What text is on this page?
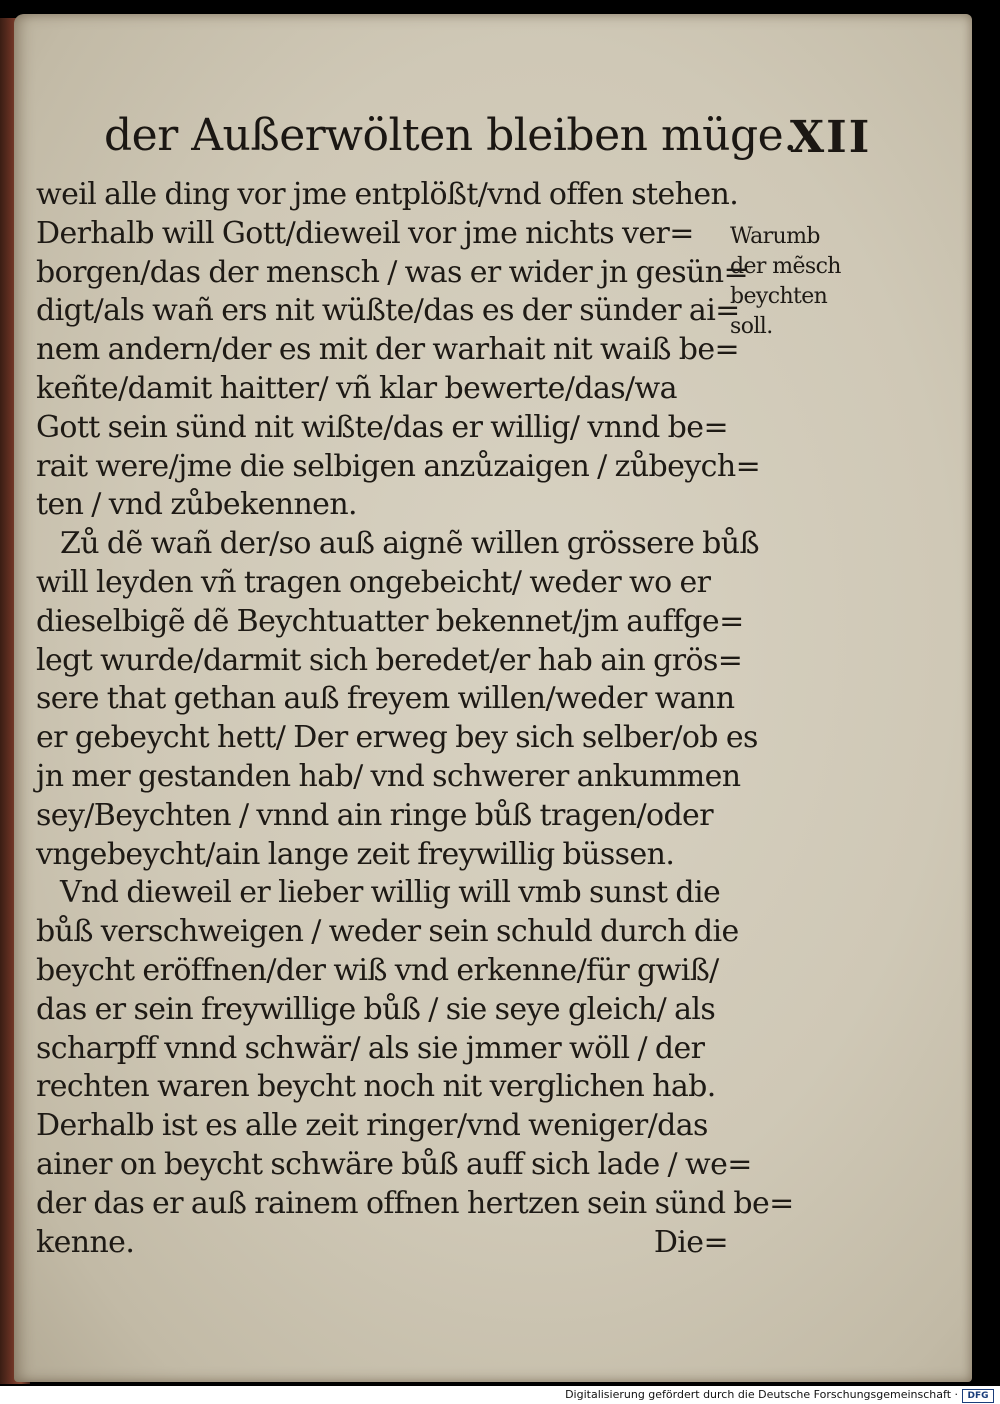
der Außerwölten bleiben müge.
XII
weil alle ding vor jme entplößt/vnd offen stehen.
Derhalb will Gott/dieweil vor jme nichts ver=
borgen/das der mensch / was er wider jn gesün=
digt/als wañ ers nit wüßte/das es der sünder ai=
nem andern/der es mit der warhait nit waiß be=
keñte/damit haitter/ vñ klar bewerte/das/wa
Gott sein sünd nit wißte/das er willig/ vnnd be=
rait were/jme die selbigen anzůzaigen / zůbeych=
ten / vnd zůbekennen.
Zů dẽ wañ der/so auß aignẽ willen grössere bůß
will leyden vñ tragen ongebeicht/ weder wo er
dieselbigẽ dẽ Beychtuatter bekennet/jm auffge=
legt wurde/darmit sich beredet/er hab ain grös=
sere that gethan auß freyem willen/weder wann
er gebeycht hett/ Der erweg bey sich selber/ob es
jn mer gestanden hab/ vnd schwerer ankummen
sey/Beychten / vnnd ain ringe bůß tragen/oder
vngebeycht/ain lange zeit freywillig büssen.
Vnd dieweil er lieber willig will vmb sunst die
bůß verschweigen / weder sein schuld durch die
beycht eröffnen/der wiß vnd erkenne/für gwiß/
das er sein freywillige bůß / sie seye gleich/ als
scharpff vnnd schwär/ als sie jmmer wöll / der
rechten waren beycht noch nit verglichen hab.
Derhalb ist es alle zeit ringer/vnd weniger/das
ainer on beycht schwäre bůß auff sich lade / we=
der das er auß rainem offnen hertzen sein sünd be=
kenne.	Die=
Warumb
der mẽsch
beychten
soll.
Digitalisierung gefördert durch die Deutsche Forschungsgemeinschaft ·	DFG
